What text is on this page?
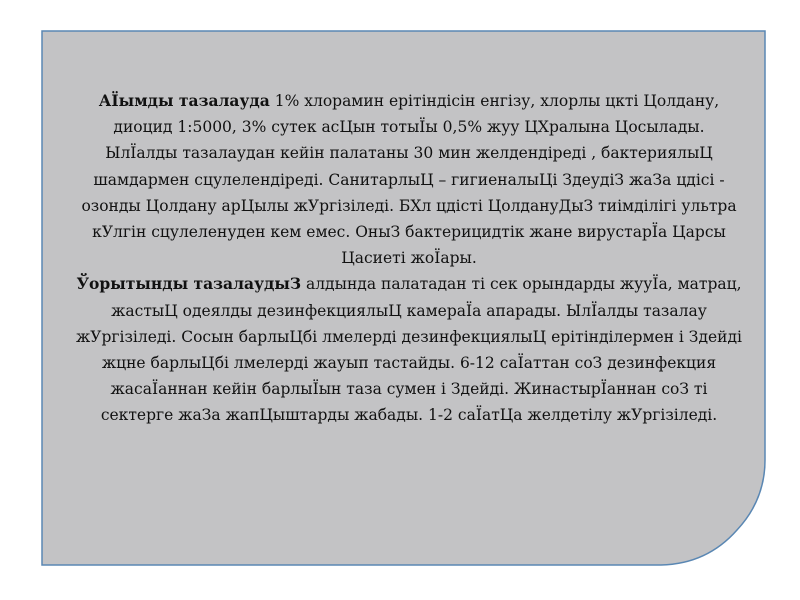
АЇымды тазалауда 1% хлорамин ерітіндісін енгізу, хлорлы цкті Цолдану, диоцид 1:5000, 3% сутек асЦын тотыЇы 0,5% жуу ЦХралына Цосылады. ЫлЇалды тазалаудан кейін палатаны 30 мин желдендіреді , бактериялыЦ шамдармен сцулелендіреді. СанитарлыЦ – гигиеналыЦі ЗдеудіЗ жаЗа цдісі - озонды Цолдану арЦылы жУргізіледі. БХл цдісті ЦолдануДыЗ тиімділігі ультра кУлгін сцулеленуден кем емес. ОныЗ бактерицидтік жане вирустарЇа Царсы Цасиеті жоЇары.

Ўорытынды тазалаудыЗ алдында палатадан ті сек орындарды жууЇа, матрац, жастыЦ одеялды дезинфекциялыЦ камераЇа апарады. ЫлЇалды тазалау жУргізіледі. Сосын барлыЦбі лмелерді дезинфекциялыЦ ерітінділермен і Здейді жцне барлыЦбі лмелерді жауып тастайды. 6-12 саЇаттан соЗ дезинфекция жасаЇаннан кейін барлыЇын таза сумен і Здейді. ЖинастырЇаннан соЗ ті сектерге жаЗа жапЦыштарды жабады. 1-2 саЇатЦа желдетілу жУргізіледі.
